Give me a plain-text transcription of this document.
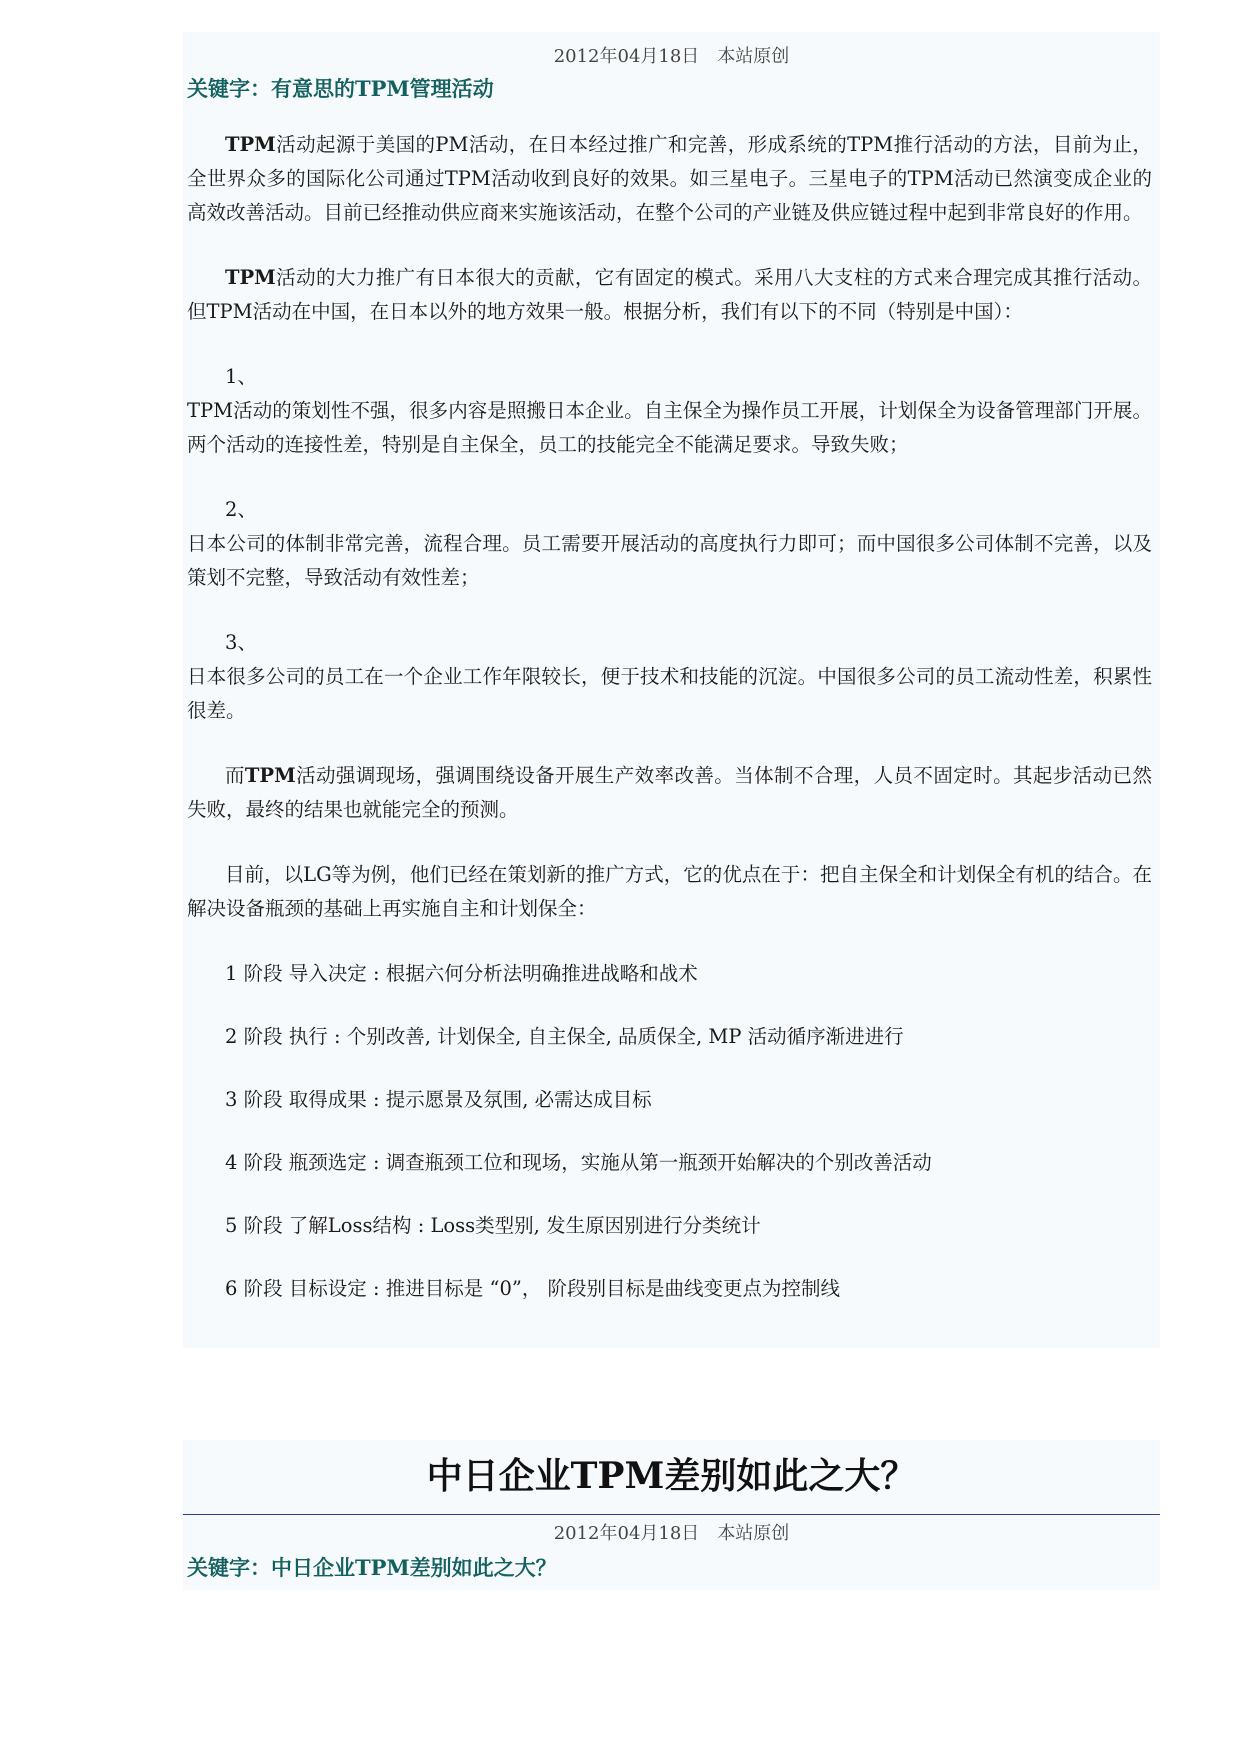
2012年04月18日 本站原创
关键字：有意思的TPM管理活动

TPM活动起源于美国的PM活动，在日本经过推广和完善，形成系统的TPM推行活动的方法，目前为止，全世界众多的国际化公司通过TPM活动收到良好的效果。如三星电子。三星电子的TPM活动已然演变成企业的高效改善活动。目前已经推动供应商来实施该活动，在整个公司的产业链及供应链过程中起到非常良好的作用。

TPM活动的大力推广有日本很大的贡献，它有固定的模式。采用八大支柱的方式来合理完成其推行活动。但TPM活动在中国，在日本以外的地方效果一般。根据分析，我们有以下的不同（特别是中国）：

1、

TPM活动的策划性不强，很多内容是照搬日本企业。自主保全为操作员工开展，计划保全为设备管理部门开展。两个活动的连接性差，特别是自主保全，员工的技能完全不能满足要求。导致失败；

2、

日本公司的体制非常完善，流程合理。员工需要开展活动的高度执行力即可；而中国很多公司体制不完善，以及策划不完整，导致活动有效性差；

3、

日本很多公司的员工在一个企业工作年限较长，便于技术和技能的沉淀。中国很多公司的员工流动性差，积累性很差。

而TPM活动强调现场，强调围绕设备开展生产效率改善。当体制不合理，人员不固定时。其起步活动已然失败，最终的结果也就能完全的预测。

目前，以LG等为例，他们已经在策划新的推广方式，它的优点在于：把自主保全和计划保全有机的结合。在解决设备瓶颈的基础上再实施自主和计划保全：

1 阶段 导入决定 : 根据六何分析法明确推进战略和战术

2 阶段 执行 : 个别改善, 计划保全, 自主保全, 品质保全, MP 活动循序渐进进行

3 阶段 取得成果 : 提示愿景及氛围, 必需达成目标

4 阶段 瓶颈选定 : 调查瓶颈工位和现场，实施从第一瓶颈开始解决的个别改善活动

5 阶段 了解Loss结构 : Loss类型别, 发生原因别进行分类统计

6 阶段 目标设定 : 推进目标是 “0”， 阶段别目标是曲线变更点为控制线

中日企业TPM差别如此之大？
2012年04月18日 本站原创
关键字：中日企业TPM差别如此之大？
